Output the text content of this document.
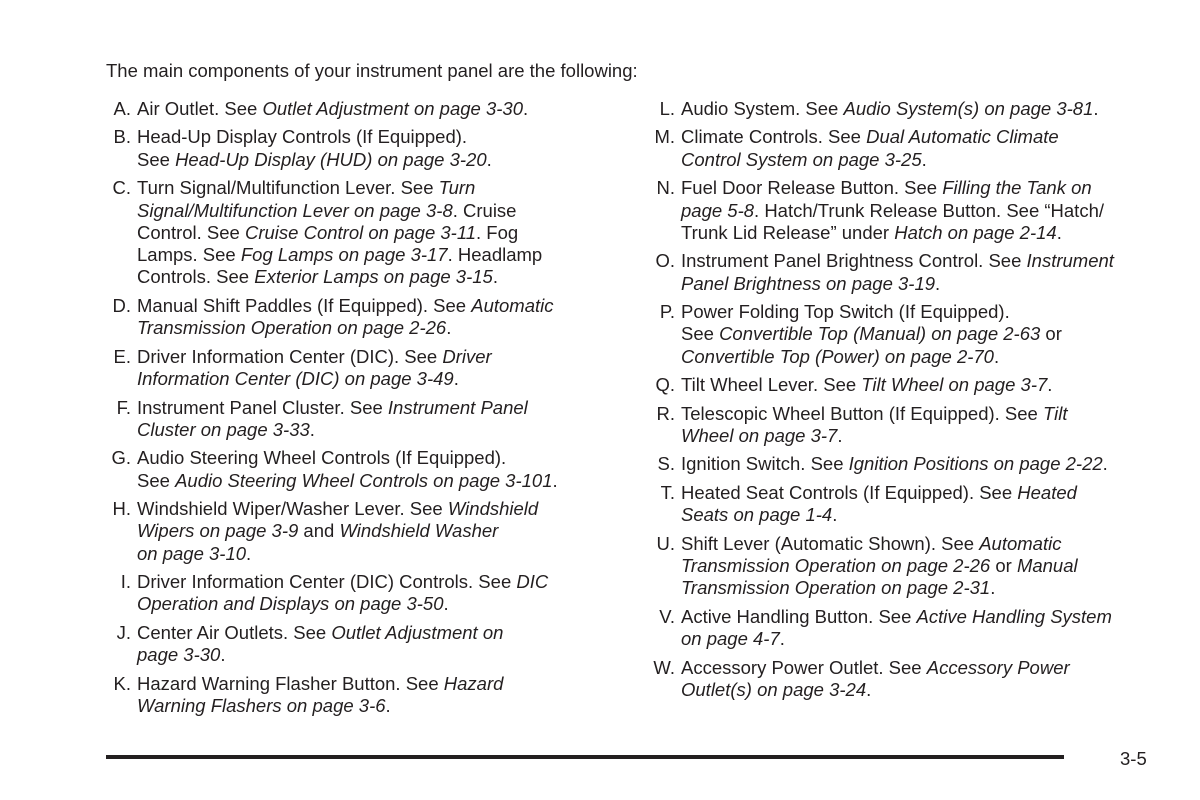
The main components of your instrument panel are the following:
A. Air Outlet. See Outlet Adjustment on page 3-30.
B. Head-Up Display Controls (If Equipped).
See Head-Up Display (HUD) on page 3-20.
C. Turn Signal/Multifunction Lever. See Turn
Signal/Multifunction Lever on page 3-8. Cruise
Control. See Cruise Control on page 3-11. Fog
Lamps. See Fog Lamps on page 3-17. Headlamp
Controls. See Exterior Lamps on page 3-15.
D. Manual Shift Paddles (If Equipped). See Automatic
Transmission Operation on page 2-26.
E. Driver Information Center (DIC). See Driver
Information Center (DIC) on page 3-49.
F. Instrument Panel Cluster. See Instrument Panel
Cluster on page 3-33.
G. Audio Steering Wheel Controls (If Equipped).
See Audio Steering Wheel Controls on page 3-101.
H. Windshield Wiper/Washer Lever. See Windshield
Wipers on page 3-9 and Windshield Washer
on page 3-10.
I. Driver Information Center (DIC) Controls. See DIC
Operation and Displays on page 3-50.
J. Center Air Outlets. See Outlet Adjustment on
page 3-30.
K. Hazard Warning Flasher Button. See Hazard
Warning Flashers on page 3-6.
L. Audio System. See Audio System(s) on page 3-81.
M. Climate Controls. See Dual Automatic Climate
Control System on page 3-25.
N. Fuel Door Release Button. See Filling the Tank on
page 5-8. Hatch/Trunk Release Button. See “Hatch/
Trunk Lid Release” under Hatch on page 2-14.
O. Instrument Panel Brightness Control. See Instrument
Panel Brightness on page 3-19.
P. Power Folding Top Switch (If Equipped).
See Convertible Top (Manual) on page 2-63 or
Convertible Top (Power) on page 2-70.
Q. Tilt Wheel Lever. See Tilt Wheel on page 3-7.
R. Telescopic Wheel Button (If Equipped). See Tilt
Wheel on page 3-7.
S. Ignition Switch. See Ignition Positions on page 2-22.
T. Heated Seat Controls (If Equipped). See Heated
Seats on page 1-4.
U. Shift Lever (Automatic Shown). See Automatic
Transmission Operation on page 2-26 or Manual
Transmission Operation on page 2-31.
V. Active Handling Button. See Active Handling System
on page 4-7.
W. Accessory Power Outlet. See Accessory Power
Outlet(s) on page 3-24.
3-5
